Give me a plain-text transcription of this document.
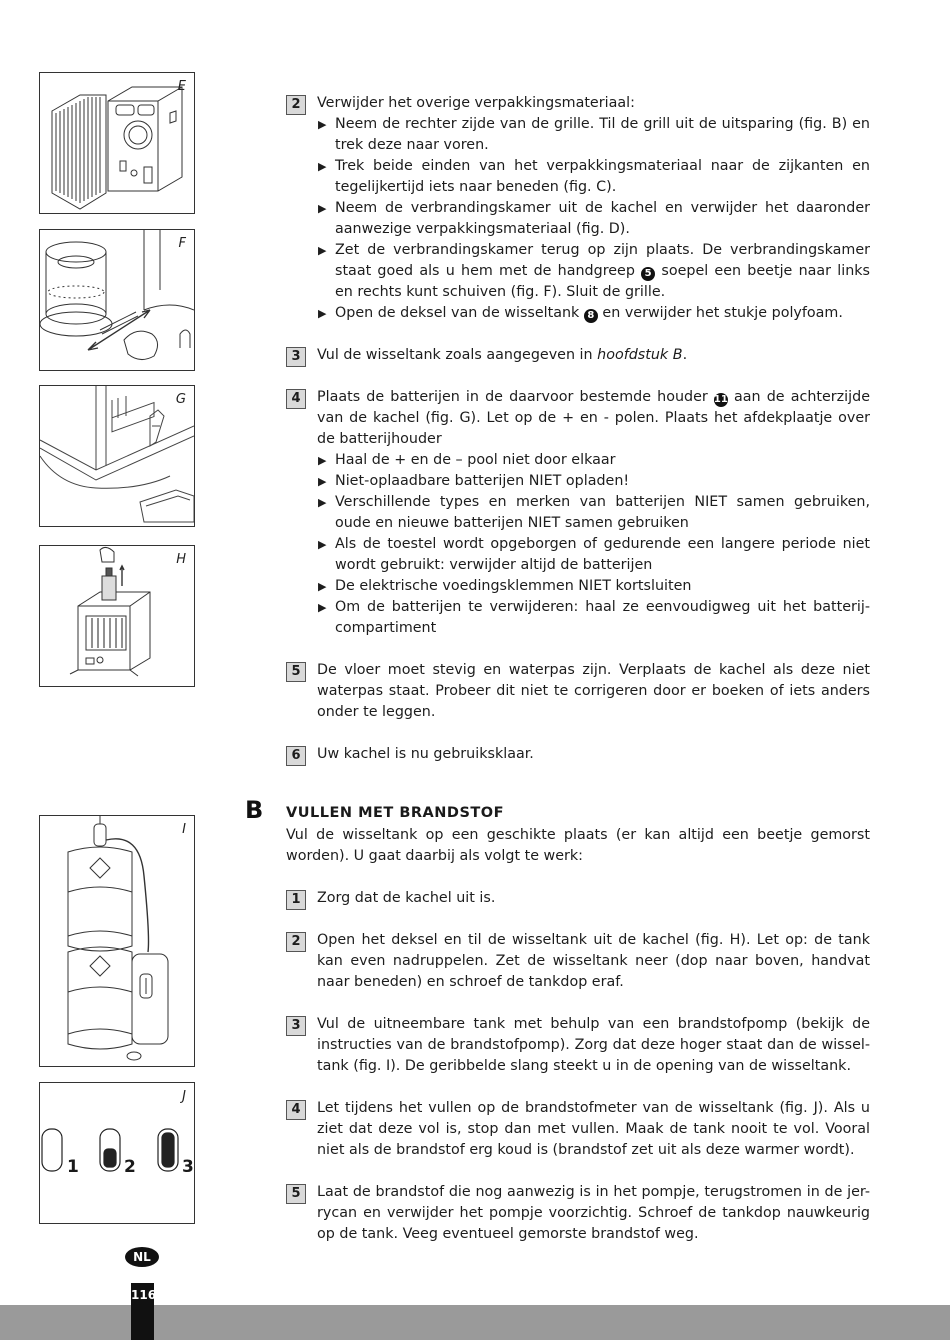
E
F
G
H
I
J
1	2	3
2	Verwijder het overige verpakkingsmateriaal:

▶ Neem de rechter zijde van de grille. Til de grill uit de uitsparing (fig. B) en trek deze naar voren.
▶ Trek beide einden van het verpakkingsmateriaal naar de zijkanten en tegelijkertijd iets naar beneden (fig. C).
▶ Neem de verbrandingskamer uit de kachel en verwijder het daaronder aanwezige verpakkingsmateriaal (fig. D).
▶ Zet de verbrandingskamer terug op zijn plaats. De verbrandingskamer staat goed als u hem met de handgreep 5 soepel een beetje naar links en rechts kunt schuiven (fig. F). Sluit de grille.
▶ Open de deksel van de wisseltank 8 en verwijder het stukje polyfoam.
3	Vul de wisseltank zoals aangegeven in hoofdstuk B.

4	Plaats de batterijen in de daarvoor bestemde houder 11 aan de achterzijde van de kachel (fig. G). Let op de + en - polen. Plaats het afdekplaatje over de batterijhouder

▶ Haal de + en de – pool niet door elkaar
▶ Niet-oplaadbare batterijen NIET opladen!
▶ Verschillende types en merken van batterijen NIET samen gebruiken, oude en nieuwe batterijen NIET samen gebruiken
▶ Als de toestel wordt opgeborgen of gedurende een langere periode niet wordt gebruikt: verwijder altijd de batterijen
▶ De elektrische voedingsklemmen NIET kortsluiten
▶ Om de batterijen te verwijderen: haal ze eenvoudigweg uit het batterij-compartiment
5	De vloer moet stevig en waterpas zijn. Verplaats de kachel als deze niet waterpas staat. Probeer dit niet te corrigeren door er boeken of iets anders onder te leggen.

6	Uw kachel is nu gebruiksklaar.

B VULLEN MET BRANDSTOF

Vul de wisseltank op een geschikte plaats (er kan altijd een beetje gemorst worden). U gaat daarbij als volgt te werk:

1	Zorg dat de kachel uit is.

2	Open het deksel en til de wisseltank uit de kachel (fig. H). Let op: de tank kan even nadruppelen. Zet de wisseltank neer (dop naar boven, handvat naar beneden) en schroef de tankdop eraf.

3	Vul de uitneembare tank met behulp van een brandstofpomp (bekijk de instructies van de brandstofpomp). Zorg dat deze hoger staat dan de wissel-tank (fig. I). De geribbelde slang steekt u in de opening van de wisseltank.

4	Let tijdens het vullen op de brandstofmeter van de wisseltank (fig. J). Als u ziet dat deze vol is, stop dan met vullen. Maak de tank nooit te vol. Vooral niet als de brandstof erg koud is (brandstof zet uit als deze warmer wordt).

5	Laat de brandstof die nog aanwezig is in het pompje, terugstromen in de jer-rycan en verwijder het pompje voorzichtig. Schroef de tankdop nauwkeurig op de tank. Veeg eventueel gemorste brandstof weg.

NL
116
